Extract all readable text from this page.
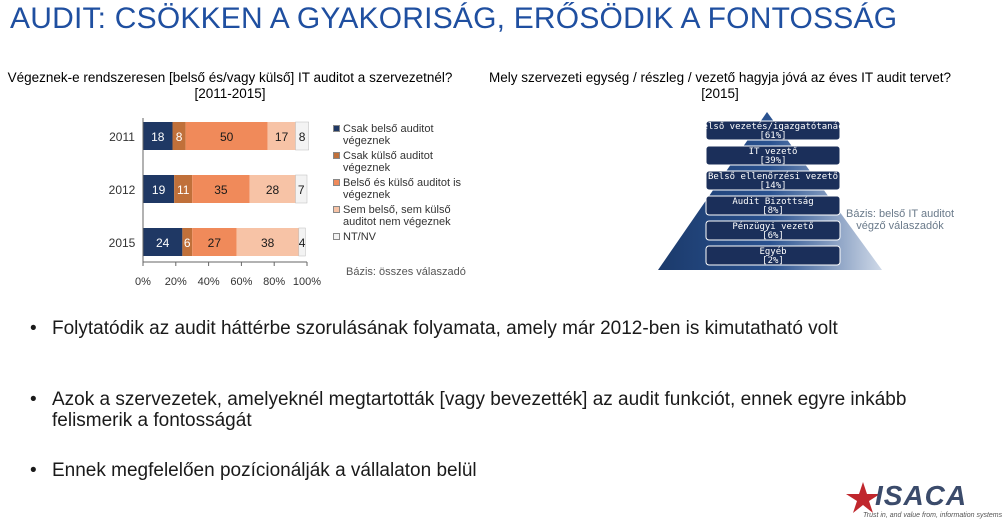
AUDIT: CSÖKKEN A GYAKORISÁG, ERŐSÖDIK A FONTOSSÁG
Végeznek-e rendszeresen [belső és/vagy külső] IT auditot a szervezetnél?
[2011-2015]
Mely szervezeti egység / részleg / vezető hagyja jóvá az éves IT audit tervet?
[2015]
2011 18 8	50	17 8
2012 19 11 35	28 7
2015 24 6 27	38 4
0% 20% 40% 60% 80% 100%
Csak belső auditot végeznek
Csak külső auditot végeznek
Belső és külső auditot is végeznek
Sem belső, sem külső auditot nem végeznek
NT/NV
Bázis: összes válaszadó
Felső vezetés/igazgatótanács
[61%]
IT vezető
[39%]
Belső ellenőrzési vezető
[14%]
Audit Bizottság
[8%]
Pénzügyi vezető
[6%]
Egyéb
[2%]
Bázis: belső IT auditot végző válaszadók
• Folytatódik az audit háttérbe szorulásának folyamata, amely már 2012-ben is kimutatható volt
• Azok a szervezetek, amelyeknél megtartották [vagy bevezették] az audit funkciót, ennek egyre inkább felismerik a fontosságát
• Ennek megfelelően pozícionálják a vállalaton belül
ISACA
Trust in, and value from, information systems
